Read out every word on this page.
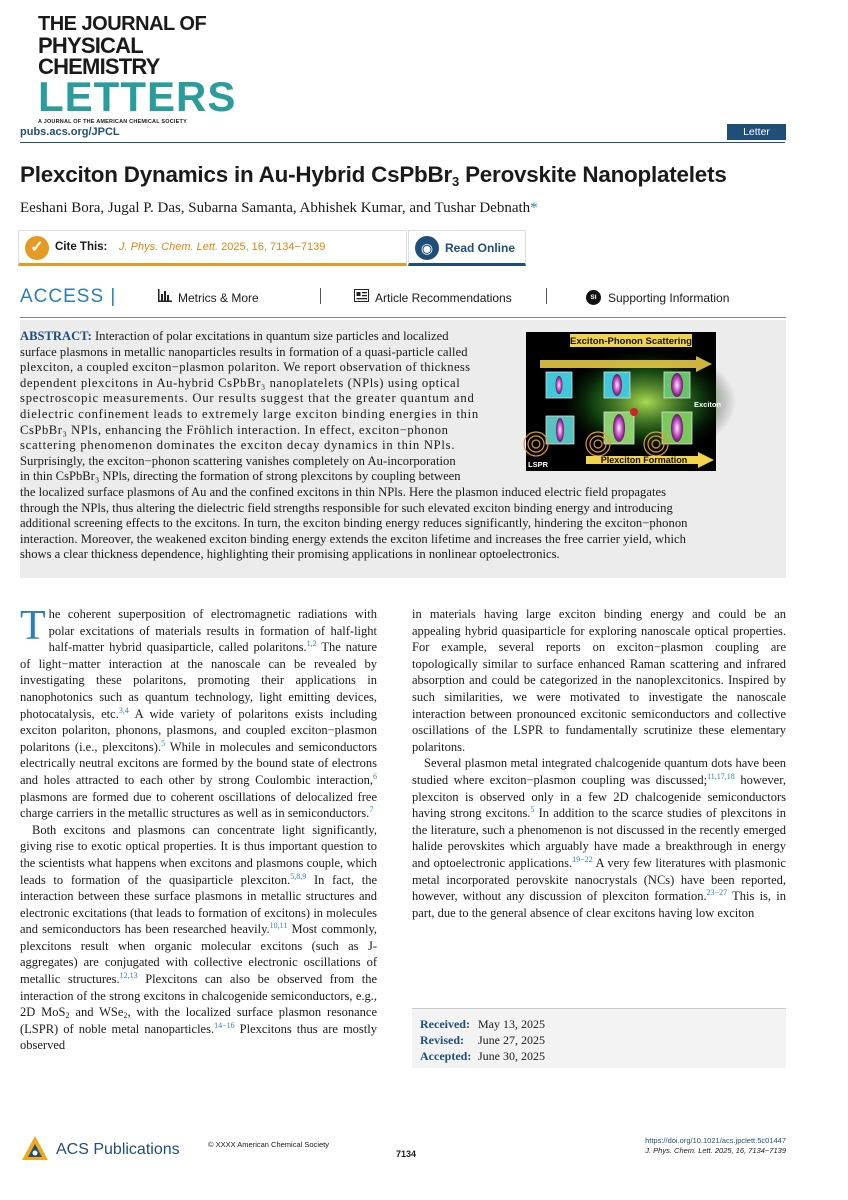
THE JOURNAL OF
PHYSICAL CHEMISTRY
LETTERS
A JOURNAL OF THE AMERICAN CHEMICAL SOCIETY
pubs.acs.org/JPCL	Letter
Plexciton Dynamics in Au-Hybrid CsPbBr$_3$ Perovskite Nanoplatelets
Eeshani Bora, Jugal P. Das, Subarna Samanta, Abhishek Kumar, and Tushar Debnath*
✓ Cite This: J. Phys. Chem. Lett. 2025, 16, 7134−7139	◉ Read Online
ACCESS |	Metrics & More	Article Recommendations	SI Supporting Information
ABSTRACT: Interaction of polar excitations in quantum size particles and localized
surface plasmons in metallic nanoparticles results in formation of a quasi-particle called
plexciton, a coupled exciton−plasmon polariton. We report observation of thickness
dependent plexcitons in Au-hybrid CsPbBr₃ nanoplatelets (NPls) using optical
spectroscopic measurements. Our results suggest that the greater quantum and
dielectric confinement leads to extremely large exciton binding energies in thin
CsPbBr₃ NPls, enhancing the Fröhlich interaction. In effect, exciton−phonon
scattering phenomenon dominates the exciton decay dynamics in thin NPls.
Surprisingly, the exciton−phonon scattering vanishes completely on Au-incorporation
in thin CsPbBr₃ NPls, directing the formation of strong plexcitons by coupling between
the localized surface plasmons of Au and the confined excitons in thin NPls. Here the plasmon induced electric field propagates
through the NPls, thus altering the dielectric field strengths responsible for such elevated exciton binding energy and introducing
additional screening effects to the excitons. In turn, the exciton binding energy reduces significantly, hindering the exciton−phonon
interaction. Moreover, the weakened exciton binding energy extends the exciton lifetime and increases the free carrier yield, which
shows a clear thickness dependence, highlighting their promising applications in nonlinear optoelectronics.
Exciton-Phonon Scattering
Exciton
LSPR	Plexciton Formation

The coherent superposition of electromagnetic radiations with polar excitations of materials results in formation of half-light half-matter hybrid quasiparticle, called polaritons.$^{1,2}$ The nature of light−matter interaction at the nanoscale can be revealed by investigating these polaritons, promoting their applications in nanophotonics such as quantum technology, light emitting devices, photocatalysis, etc.$^{3,4}$ A wide variety of polaritons exists including exciton polariton, phonons, plasmons, and coupled exciton−plasmon polaritons (i.e., plexcitons).$^5$ While in molecules and semiconductors electrically neutral excitons are formed by the bound state of electrons and holes attracted to each other by strong Coulombic interaction,$^6$ plasmons are formed due to coherent oscillations of delocalized free charge carriers in the metallic structures as well as in semiconductors.$^7$

Both excitons and plasmons can concentrate light significantly, giving rise to exotic optical properties. It is thus important question to the scientists what happens when excitons and plasmons couple, which leads to formation of the quasiparticle plexciton.$^{5,8,9}$ In fact, the interaction between these surface plasmons in metallic structures and electronic excitations (that leads to formation of excitons) in molecules and semiconductors has been researched heavily.$^{10,11}$ Most commonly, plexcitons result when organic molecular excitons (such as J-aggregates) are conjugated with collective electronic oscillations of metallic structures.$^{12,13}$ Plexcitons can also be observed from the interaction of the strong excitons in chalcogenide semiconductors, e.g., 2D MoS$_2$ and WSe$_2$, with the localized surface plasmon resonance (LSPR) of noble metal nanoparticles.$^{14-16}$ Plexcitons thus are mostly observed

in materials having large exciton binding energy and could be an appealing hybrid quasiparticle for exploring nanoscale optical properties. For example, several reports on exciton−plasmon coupling are topologically similar to surface enhanced Raman scattering and infrared absorption and could be categorized in the nanoplexcitonics. Inspired by such similarities, we were motivated to investigate the nanoscale interaction between pronounced excitonic semiconductors and collective oscillations of the LSPR to fundamentally scrutinize these elementary polaritons.

Several plasmon metal integrated chalcogenide quantum dots have been studied where exciton−plasmon coupling was discussed;$^{11,17,18}$ however, plexciton is observed only in a few 2D chalcogenide semiconductors having strong excitons.$^5$ In addition to the scarce studies of plexcitons in the literature, such a phenomenon is not discussed in the recently emerged halide perovskites which arguably have made a breakthrough in energy and optoelectronic applications.$^{19-22}$ A very few literatures with plasmonic metal incorporated perovskite nanocrystals (NCs) have been reported, however, without any discussion of plexciton formation.$^{23-27}$ This is, in part, due to the general absence of clear excitons having low exciton

Received: May 13, 2025
Revised: June 27, 2025
Accepted: June 30, 2025
ACS Publications	© XXXX American Chemical Society
7134
https://doi.org/10.1021/acs.jpclett.5c01447
J. Phys. Chem. Lett. 2025, 16, 7134−7139
